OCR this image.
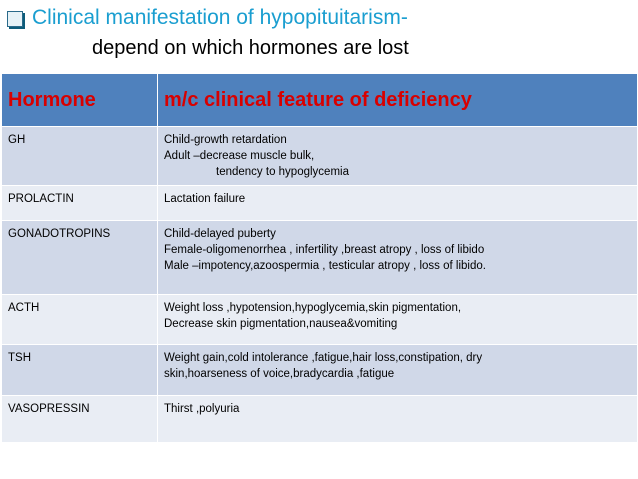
Clinical manifestation of hypopituitarism-
depend on which hormones are lost
Hormone	m/c clinical feature of deficiency
GH	Child-growth retardation
Adult –decrease muscle bulk,
tendency to hypoglycemia

PROLACTIN	Lactation failure

GONADOTROPINS	Child-delayed puberty
Female-oligomenorrhea , infertility ,breast atropy , loss of libido
Male –impotency,azoospermia , testicular atropy , loss of libido.

ACTH	Weight loss ,hypotension,hypoglycemia,skin pigmentation,
Decrease skin pigmentation,nausea&vomiting

TSH	Weight gain,cold intolerance ,fatigue,hair loss,constipation, dry
skin,hoarseness of voice,bradycardia ,fatigue

VASOPRESSIN	Thirst ,polyuria
